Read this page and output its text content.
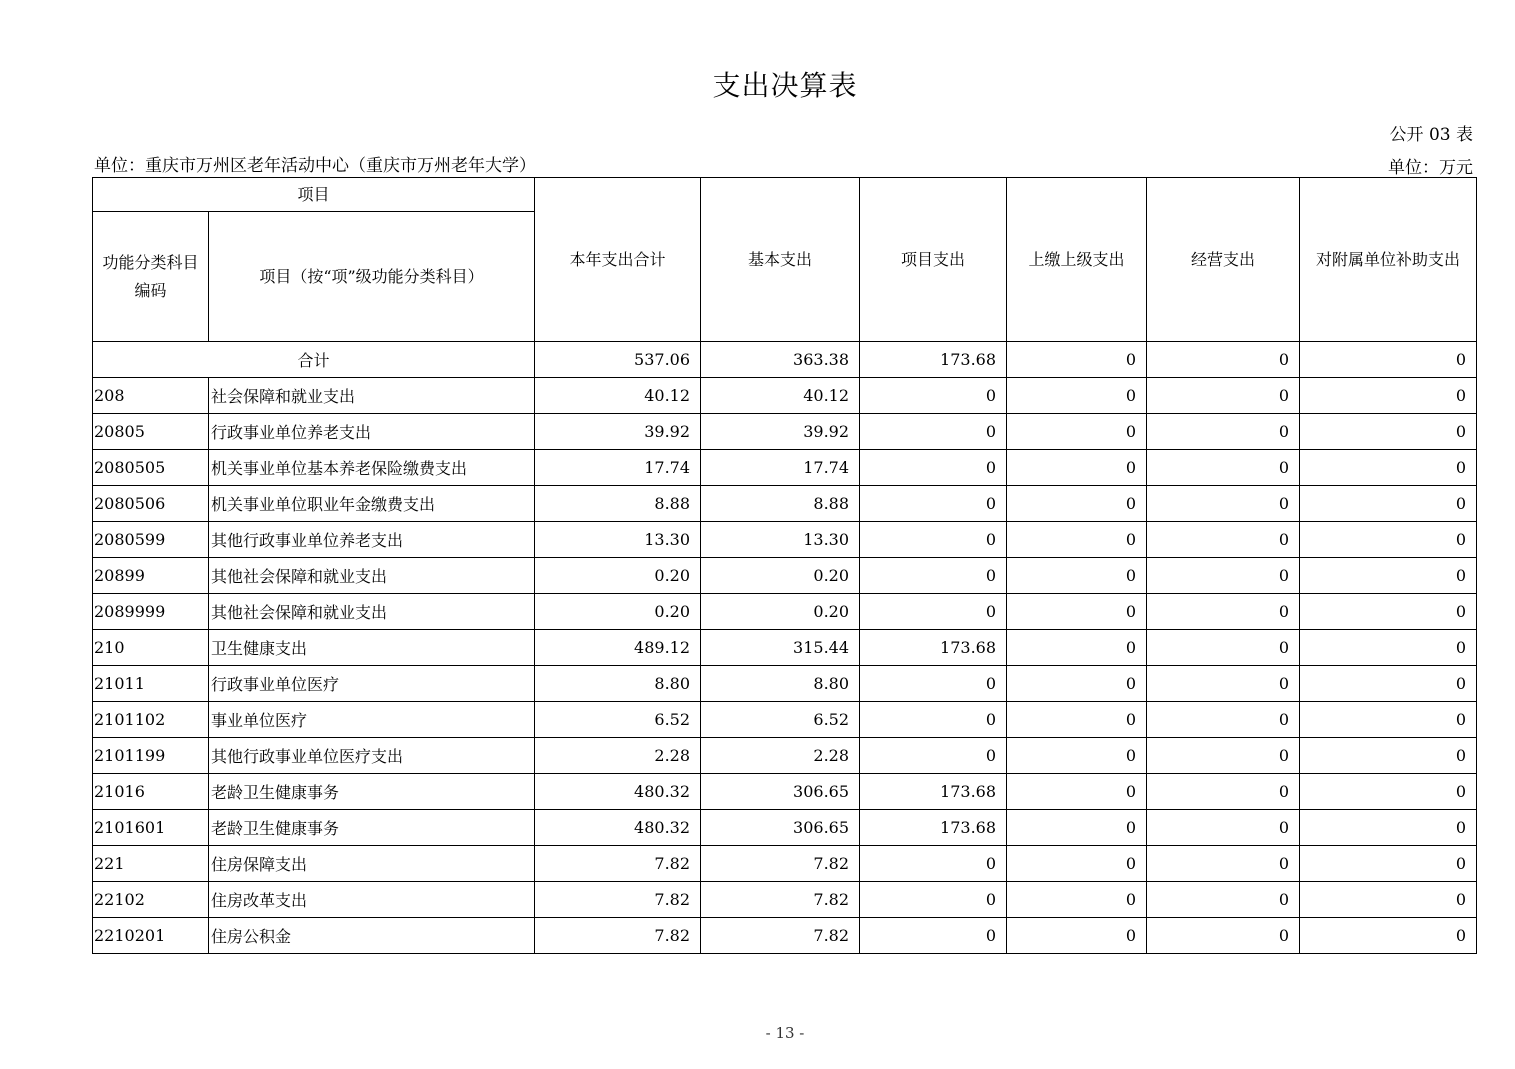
支出决算表
公开 03 表
单位：重庆市万州区老年活动中心（重庆市万州老年大学）	单位：万元
项目		本年支出合计	基本支出	项目支出	上缴上级支出	经营支出	对附属单位补助支出
功能分类科目编码	项目（按“项”级功能分类科目）						
合计		537.06	363.38	173.68	0	0	0
208	社会保障和就业支出	40.12	40.12	0	0	0	0
20805	行政事业单位养老支出	39.92	39.92	0	0	0	0
2080505	机关事业单位基本养老保险缴费支出	17.74	17.74	0	0	0	0
2080506	机关事业单位职业年金缴费支出	8.88	8.88	0	0	0	0
2080599	其他行政事业单位养老支出	13.30	13.30	0	0	0	0
20899	其他社会保障和就业支出	0.20	0.20	0	0	0	0
2089999	其他社会保障和就业支出	0.20	0.20	0	0	0	0
210	卫生健康支出	489.12	315.44	173.68	0	0	0
21011	行政事业单位医疗	8.80	8.80	0	0	0	0
2101102	事业单位医疗	6.52	6.52	0	0	0	0
2101199	其他行政事业单位医疗支出	2.28	2.28	0	0	0	0
21016	老龄卫生健康事务	480.32	306.65	173.68	0	0	0
2101601	老龄卫生健康事务	480.32	306.65	173.68	0	0	0
221	住房保障支出	7.82	7.82	0	0	0	0
22102	住房改革支出	7.82	7.82	0	0	0	0
2210201	住房公积金	7.82	7.82	0	0	0	0
- 13 -
